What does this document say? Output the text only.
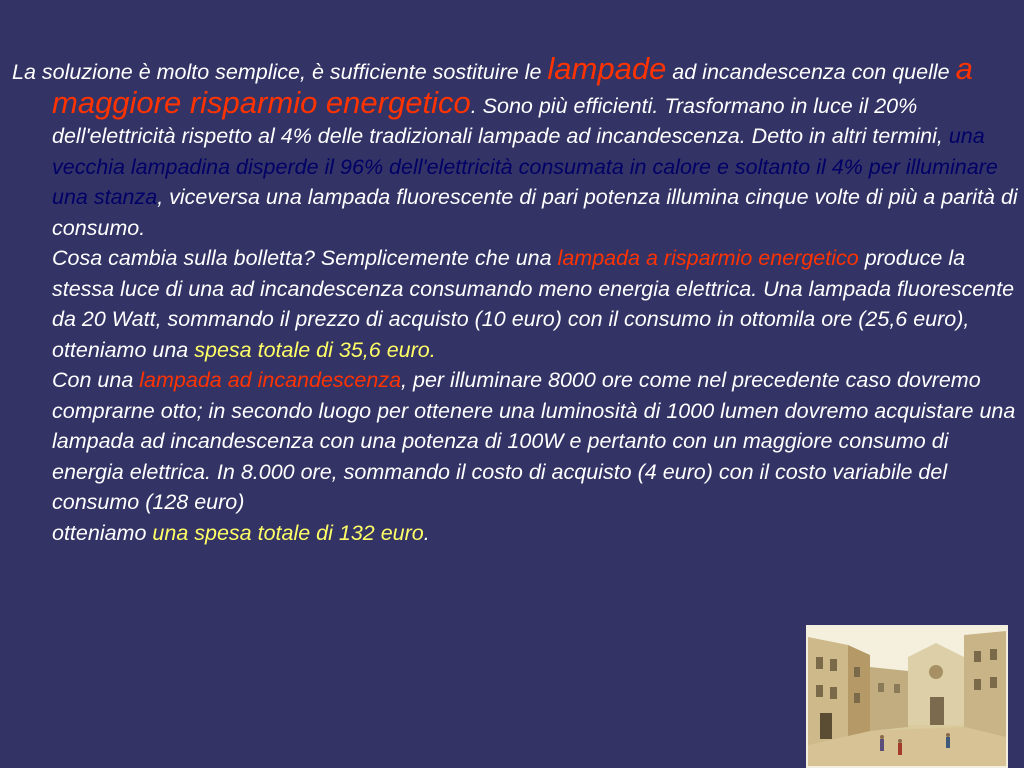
La soluzione è molto semplice, è sufficiente sostituire le lampade ad incandescenza con quelle a maggiore risparmio energetico. Sono più efficienti. Trasformano in luce il 20% dell'elettricità rispetto al 4% delle tradizionali lampade ad incandescenza. Detto in altri termini, una vecchia lampadina disperde il 96% dell'elettricità consumata in calore e soltanto il 4% per illuminare una stanza, viceversa una lampada fluorescente di pari potenza illumina cinque volte di più a parità di consumo.

Cosa cambia sulla bolletta? Semplicemente che una lampada a risparmio energetico produce la stessa luce di una ad incandescenza consumando meno energia elettrica. Una lampada fluorescente da 20 Watt, sommando il prezzo di acquisto (10 euro) con il consumo in ottomila ore (25,6 euro), otteniamo una spesa totale di 35,6 euro.

Con una lampada ad incandescenza, per illuminare 8000 ore come nel precedente caso dovremo comprarne otto; in secondo luogo per ottenere una luminosità di 1000 lumen dovremo acquistare una lampada ad incandescenza con una potenza di 100W e pertanto con un maggiore consumo di energia elettrica. In 8.000 ore, sommando il costo di acquisto (4 euro) con il costo variabile del consumo (128 euro)

otteniamo una spesa totale di 132 euro.
